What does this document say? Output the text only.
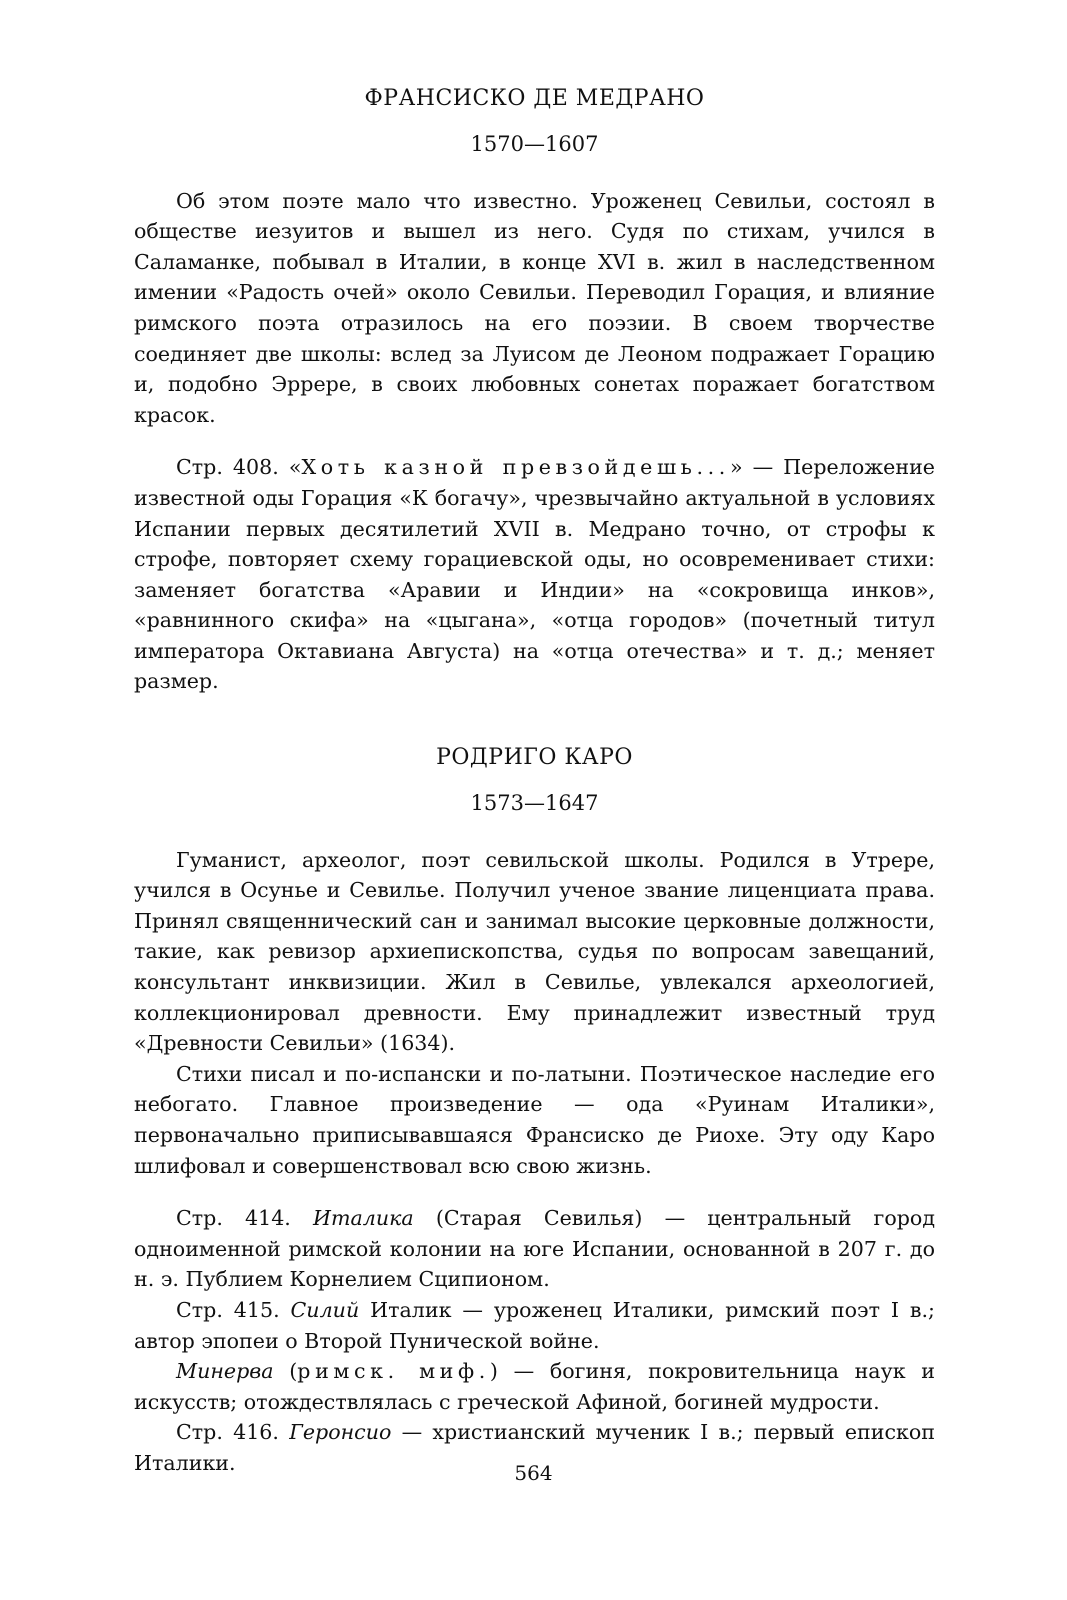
ФРАНСИСКО ДЕ МЕДРАНО
1570—1607

Об этом поэте мало что известно. Уроженец Севильи, состоял в обществе иезуитов и вышел из него. Судя по стихам, учился в Саламанке, побывал в Италии, в конце XVI в. жил в наследственном имении «Радость очей» около Севильи. Переводил Горация, и влияние римского поэта отразилось на его поэзии. В своем творчестве соединяет две школы: вслед за Луисом де Леоном подражает Горацию и, подобно Эррере, в своих любовных сонетах поражает богатством красок.

Стр. 408. «Хоть казной превзойдешь...» — Переложение известной оды Горация «К богачу», чрезвычайно актуальной в условиях Испании первых десятилетий XVII в. Медрано точно, от строфы к строфе, повторяет схему горациевской оды, но осовременивает стихи: заменяет богатства «Аравии и Индии» на «сокровища инков», «равнинного скифа» на «цыгана», «отца городов» (почетный титул императора Октавиана Августа) на «отца отечества» и т. д.; меняет размер.

РОДРИГО КАРО
1573—1647

Гуманист, археолог, поэт севильской школы. Родился в Утрере, учился в Осунье и Севилье. Получил ученое звание лиценциата права. Принял священнический сан и занимал высокие церковные должности, такие, как ревизор архиепископства, судья по вопросам завещаний, консультант инквизиции. Жил в Севилье, увлекался археологией, коллекционировал древности. Ему принадлежит известный труд «Древности Севильи» (1634).

Стихи писал и по-испански и по-латыни. Поэтическое наследие его небогато. Главное произведение — ода «Руинам Италики», первоначально приписывавшаяся Франсиско де Риохе. Эту оду Каро шлифовал и совершенствовал всю свою жизнь.

Стр. 414. Италика (Старая Севилья) — центральный город одноименной римской колонии на юге Испании, основанной в 207 г. до н. э. Публием Корнелием Сципионом.

Стр. 415. Силий Италик — уроженец Италики, римский поэт I в.; автор эпопеи о Второй Пунической войне.

Минерва (римск. миф.) — богиня, покровительница наук и искусств; отождествлялась с греческой Афиной, богиней мудрости.

Стр. 416. Геронсио — христианский мученик I в.; первый епископ Италики.	564
